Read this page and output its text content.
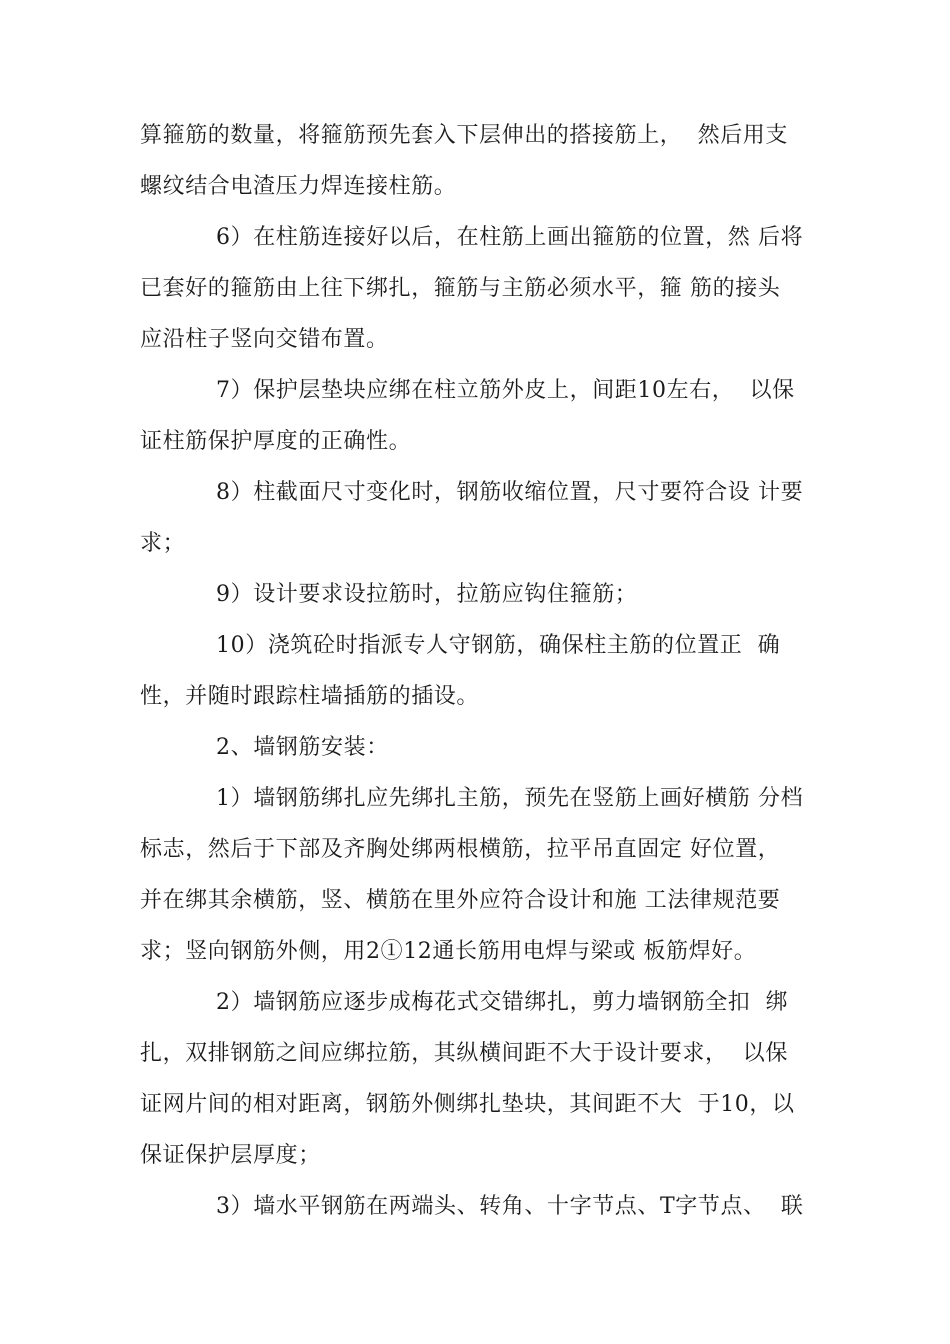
算箍筋的数量，将箍筋预先套入下层伸出的搭接筋上，  然后用支
螺纹结合电渣压力焊连接柱筋。
6）在柱筋连接好以后，在柱筋上画出箍筋的位置，然 后将
已套好的箍筋由上往下绑扎，箍筋与主筋必须水平，箍 筋的接头
应沿柱子竖向交错布置。
7）保护层垫块应绑在柱立筋外皮上，间距10左右，  以保
证柱筋保护厚度的正确性。
8）柱截面尺寸变化时，钢筋收缩位置，尺寸要符合设 计要
求；
9）设计要求设拉筋时，拉筋应钩住箍筋；
10）浇筑砼时指派专人守钢筋，确保柱主筋的位置正  确
性，并随时跟踪柱墙插筋的插设。
2、墙钢筋安装：
1）墙钢筋绑扎应先绑扎主筋，预先在竖筋上画好横筋 分档
标志，然后于下部及齐胸处绑两根横筋，拉平吊直固定 好位置，
并在绑其余横筋，竖、横筋在里外应符合设计和施 工法律规范要
求；竖向钢筋外侧，用2①12通长筋用电焊与梁或 板筋焊好。
2）墙钢筋应逐步成梅花式交错绑扎，剪力墙钢筋全扣  绑
扎，双排钢筋之间应绑拉筋，其纵横间距不大于设计要求，  以保
证网片间的相对距离，钢筋外侧绑扎垫块，其间距不大  于10，以
保证保护层厚度；
3）墙水平钢筋在两端头、转角、十字节点、T字节点、  联
